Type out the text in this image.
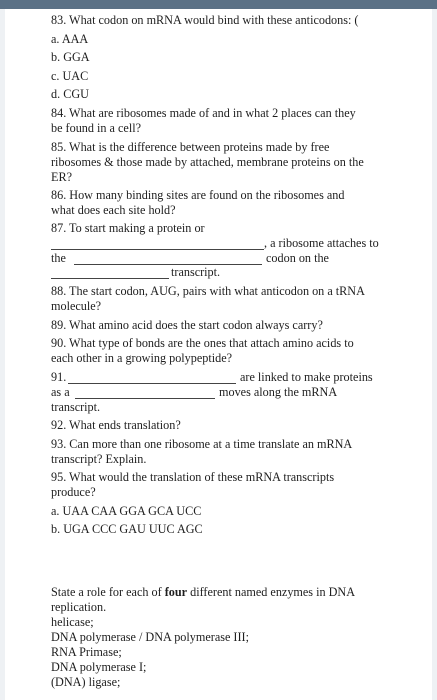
83. What codon on mRNA would bind with these anticodons: (
a. AAA
b. GGA
c. UAC
d. CGU
84. What are ribosomes made of and in what 2 places can they
be found in a cell?
85. What is the difference between proteins made by free
ribosomes & those made by attached, membrane proteins on the
ER?
86. How many binding sites are found on the ribosomes and
what does each site hold?
87. To start making a protein or
, a ribosome attaches to
the	codon on the
transcript.
88. The start codon, AUG, pairs with what anticodon on a tRNA
molecule?
89. What amino acid does the start codon always carry?
90. What type of bonds are the ones that attach amino acids to
each other in a growing polypeptide?
91.	are linked to make proteins
as a	moves along the mRNA
transcript.
92. What ends translation?
93. Can more than one ribosome at a time translate an mRNA
transcript? Explain.
95. What would the translation of these mRNA transcripts
produce?
a. UAA CAA GGA GCA UCC
b. UGA CCC GAU UUC AGC
State a role for each of four different named enzymes in DNA
replication.
helicase;
DNA polymerase / DNA polymerase III;
RNA Primase;
DNA polymerase I;
(DNA) ligase;
